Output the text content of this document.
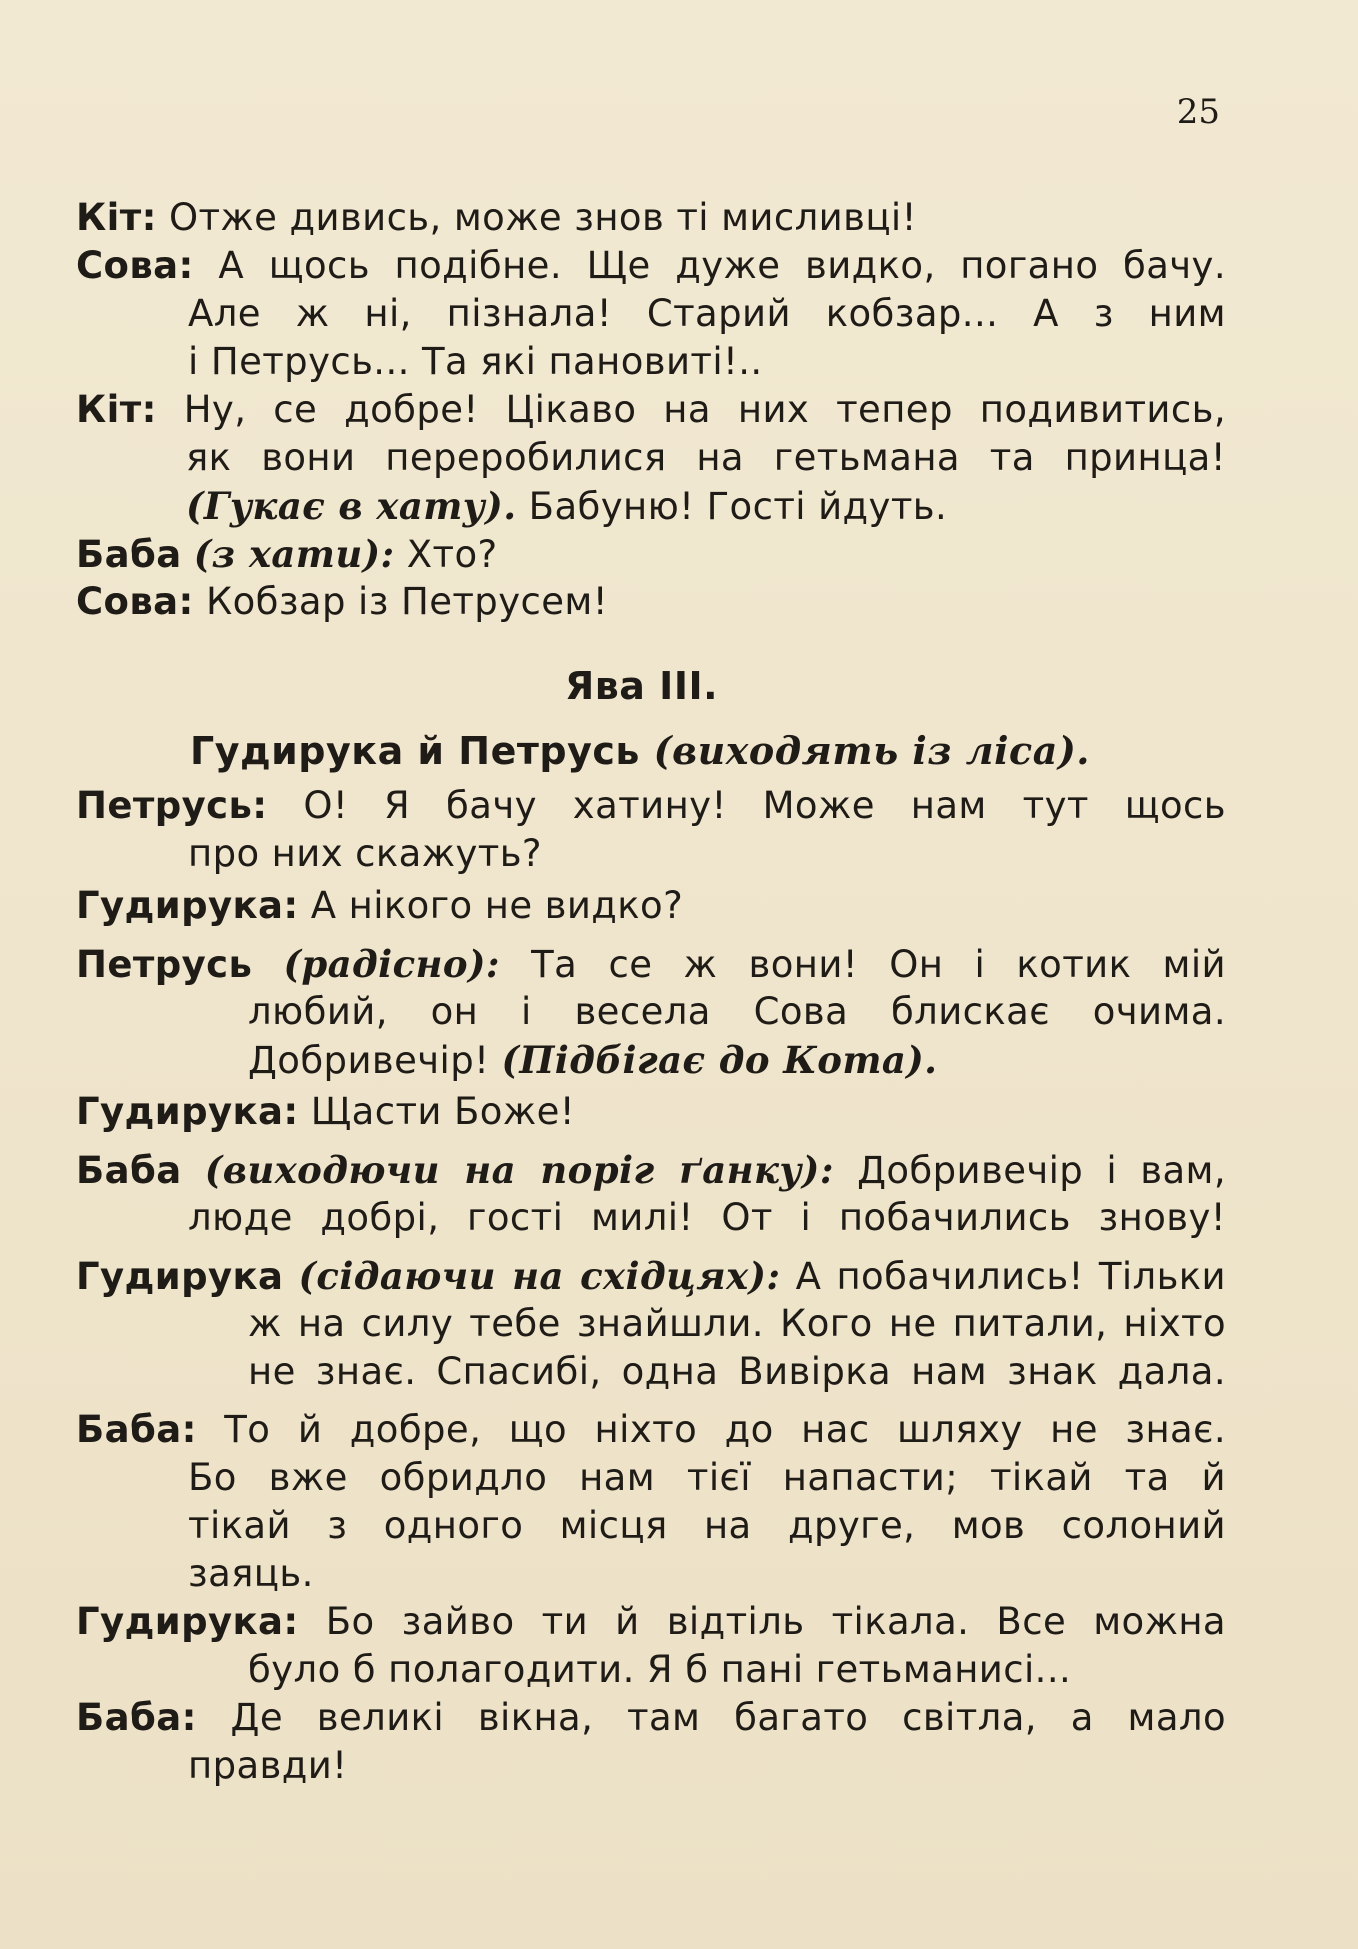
25
Кіт: Отже дивись, може знов ті мисливці!
Сова: А щось подібне. Ще дуже видко, погано бачу.
Але ж ні, пізнала! Старий кобзар... А з ним
і Петрусь... Та які пановиті!..
Кіт: Ну, се добре! Цікаво на них тепер подивитись,
як вони переробилися на гетьмана та принца!
(Гукає в хату). Бабуню! Гості йдуть.
Баба (з хати): Хто?
Сова: Кобзар із Петрусем!
Ява III.
Гудирука й Петрусь (виходять із ліса).
Петрусь: О! Я бачу хатину! Може нам тут щось
про них скажуть?
Гудирука: А нікого не видко?
Петрусь (радісно): Та се ж вони! Он і котик мій
любий, он і весела Сова блискає очима.
Добривечір! (Підбігає до Кота).
Гудирука: Щасти Боже!
Баба (виходючи на поріг ґанку): Добривечір і вам,
люде добрі, гості милі! От і побачились знову!
Гудирука (сідаючи на східцях): А побачились! Тільки
ж на силу тебе знайшли. Кого не питали, ніхто
не знає. Спасибі, одна Вивірка нам знак дала.
Баба: То й добре, що ніхто до нас шляху не знає.
Бо вже обридло нам тієї напасти; тікай та й
тікай з одного місця на друге, мов солоний
заяць.
Гудирука: Бо зайво ти й відтіль тікала. Все можна
було б полагодити. Я б пані гетьманисі...
Баба: Де великі вікна, там багато світла, а мало
правди!
